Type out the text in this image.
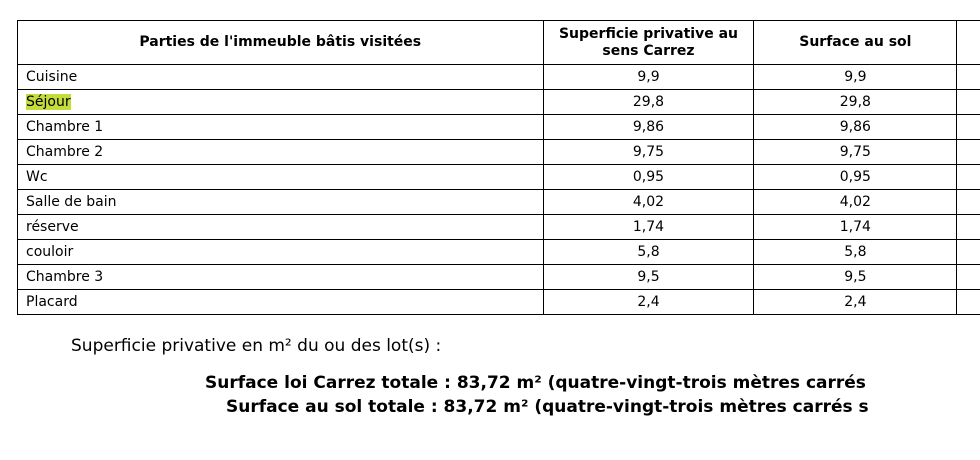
Parties de l'immeuble bâtis visitées	Superficie privative au sens Carrez	Surface au sol	
Cuisine	9,9	9,9	
Séjour	29,8	29,8	
Chambre 1	9,86	9,86	
Chambre 2	9,75	9,75	
Wc	0,95	0,95	
Salle de bain	4,02	4,02	
réserve	1,74	1,74	
couloir	5,8	5,8	
Chambre 3	9,5	9,5	
Placard	2,4	2,4	
Superficie privative en m² du ou des lot(s) :
Surface loi Carrez totale : 83,72 m² (quatre-vingt-trois mètres carrés
Surface au sol totale : 83,72 m² (quatre-vingt-trois mètres carrés s
